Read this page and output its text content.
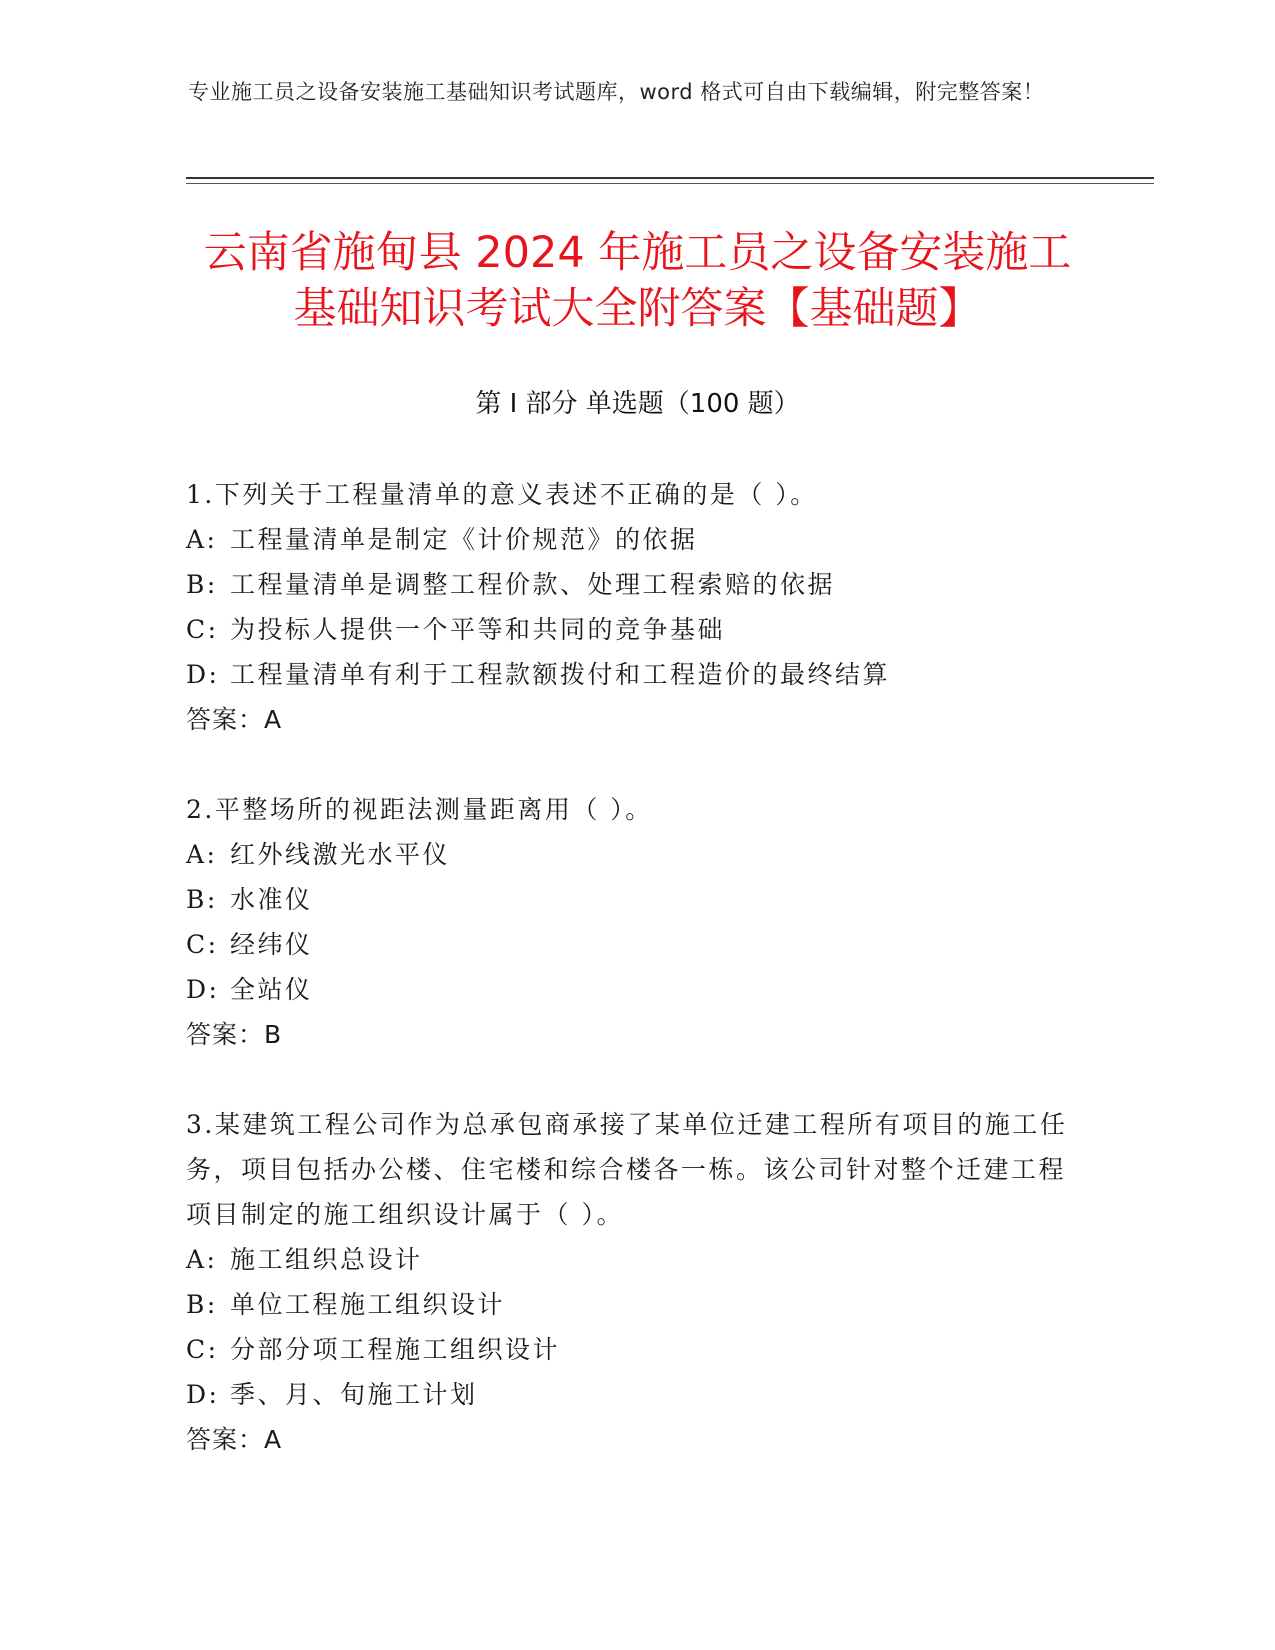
专业施工员之设备安装施工基础知识考试题库，word 格式可自由下载编辑，附完整答案！
云南省施甸县 2024 年施工员之设备安装施工
基础知识考试大全附答案【基础题】
第 I 部分 单选题（100 题）
1.下列关于工程量清单的意义表述不正确的是（ ）。
A: 工程量清单是制定《计价规范》的依据
B: 工程量清单是调整工程价款、处理工程索赔的依据
C: 为投标人提供一个平等和共同的竞争基础
D: 工程量清单有利于工程款额拨付和工程造价的最终结算
答案：A
2.平整场所的视距法测量距离用（ ）。
A: 红外线激光水平仪
B: 水准仪
C: 经纬仪
D: 全站仪
答案：B
3.某建筑工程公司作为总承包商承接了某单位迁建工程所有项目的施工任务，项目包括办公楼、住宅楼和综合楼各一栋。该公司针对整个迁建工程项目制定的施工组织设计属于（ ）。
A: 施工组织总设计
B: 单位工程施工组织设计
C: 分部分项工程施工组织设计
D: 季、月、旬施工计划
答案：A
